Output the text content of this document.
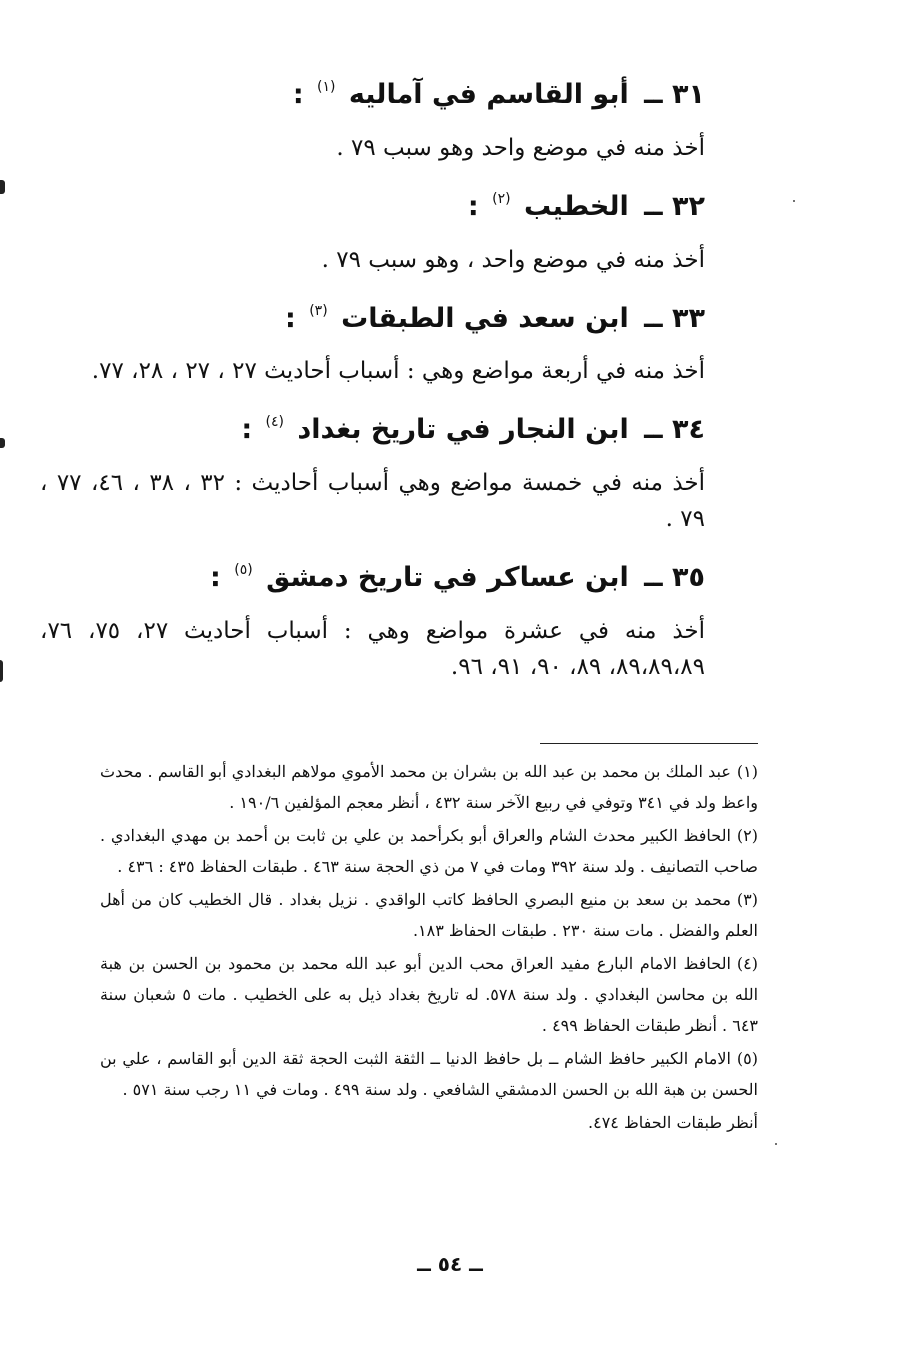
٣١ ــ أبو القاسم في آماليه $^{(١)}$ :

أخذ منه في موضع واحد وهو سبب ٧٩ .

٣٢ ــ الخطيب $^{(٢)}$ :

أخذ منه في موضع واحد ، وهو سبب ٧٩ .

٣٣ ــ ابن سعد في الطبقات $^{(٣)}$ :

أخذ منه في أربعة مواضع وهي : أسباب أحاديث ٢٧ ، ٢٧ ، ٢٨، ٧٧.

٣٤ ــ ابن النجار في تاريخ بغداد $^{(٤)}$ :

أخذ منه في خمسة مواضع وهي أسباب أحاديث : ٣٢ ، ٣٨ ، ٤٦، ٧٧ ، ٧٩ .

٣٥ ــ ابن عساكر في تاريخ دمشق $^{(٥)}$ :

أخذ منه في عشرة مواضع وهي : أسباب أحاديث ٢٧، ٧٥، ٧٦، ٨٩،٨٩،٨٩، ٨٩، ٩٠، ٩١، ٩٦.

(١)عبد الملك بن محمد بن عبد الله بن بشران بن محمد الأموي مولاهم البغدادي أبو القاسم . محدث واعظ ولد في ٣٤١ وتوفي في ربيع الآخر سنة ٤٣٢ ، أنظر معجم المؤلفين ١٩٠/٦ .

(٢)الحافظ الكبير محدث الشام والعراق أبو بكرأحمد بن علي بن ثابت بن أحمد بن مهدي البغدادي . صاحب التصانيف . ولد سنة ٣٩٢ ومات في ٧ من ذي الحجة سنة ٤٦٣ . طبقات الحفاظ ٤٣٥ : ٤٣٦ .

(٣)محمد بن سعد بن منيع البصري الحافظ كاتب الواقدي . نزيل بغداد . قال الخطيب كان من أهل العلم والفضل . مات سنة ٢٣٠ . طبقات الحفاظ ١٨٣.

(٤)الحافظ الامام البارع مفيد العراق محب الدين أبو عبد الله محمد بن محمود بن الحسن بن هبة الله بن محاسن البغدادي . ولد سنة ٥٧٨. له تاريخ بغداد ذيل به على الخطيب . مات ٥ شعبان سنة ٦٤٣ . أنظر طبقات الحفاظ ٤٩٩ .

(٥)الامام الكبير حافظ الشام ــ بل حافظ الدنيا ــ الثقة الثبت الحجة ثقة الدين أبو القاسم ، علي بن الحسن بن هبة الله بن الحسن الدمشقي الشافعي . ولد سنة ٤٩٩ . ومات في ١١ رجب سنة ٥٧١ .

أنظر طبقات الحفاظ ٤٧٤.

ــ ٥٤ ــ
